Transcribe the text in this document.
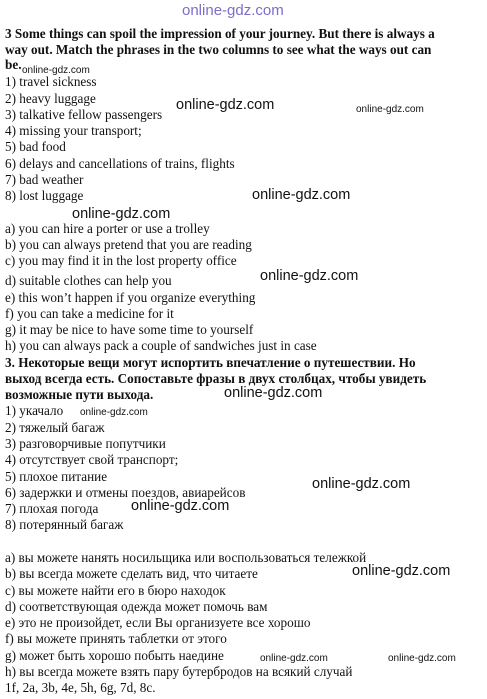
3 Some things can spoil the impression of your journey. But there is always a
way out. Match the phrases in the two columns to see what the ways out can
be.
1) travel sickness
2) heavy luggage
3) talkative fellow passengers
4) missing your transport;
5) bad food
6) delays and cancellations of trains, flights
7) bad weather
8) lost luggage
a) you can hire a porter or use a trolley
b) you can always pretend that you are reading
c) you may find it in the lost property office
d) suitable clothes can help you
e) this won’t happen if you organize everything
f) you can take a medicine for it
g) it may be nice to have some time to yourself
h) you can always pack a couple of sandwiches just in case
3. Некоторые вещи могут испортить впечатление о путешествии. Но
выход всегда есть. Сопоставьте фразы в двух столбцах, чтобы увидеть
возможные пути выхода.
1) укачало
2) тяжелый багаж
3) разговорчивые попутчики
4) отсутствует свой транспорт;
5) плохое питание
6) задержки и отмены поездов, авиарейсов
7) плохая погода
8) потерянный багаж
a) вы можете нанять носильщика или воспользоваться тележкой
b) вы всегда можете сделать вид, что читаете
c) вы можете найти его в бюро находок
d) соответствующая одежда может помочь вам
e) это не произойдет, если Вы организуете все хорошо
f) вы можете принять таблетки от этого
g) может быть хорошо побыть наедине
h) вы всегда можете взять пару бутербродов на всякий случай
1f, 2a, 3b, 4e, 5h, 6g, 7d, 8c.
online-gdz.com
online-gdz.com
online-gdz.com	online-gdz.com
online-gdz.com
online-gdz.com
online-gdz.com
online-gdz.com
online-gdz.com
online-gdz.com
online-gdz.com
online-gdz.com
online-gdz.com	online-gdz.com
